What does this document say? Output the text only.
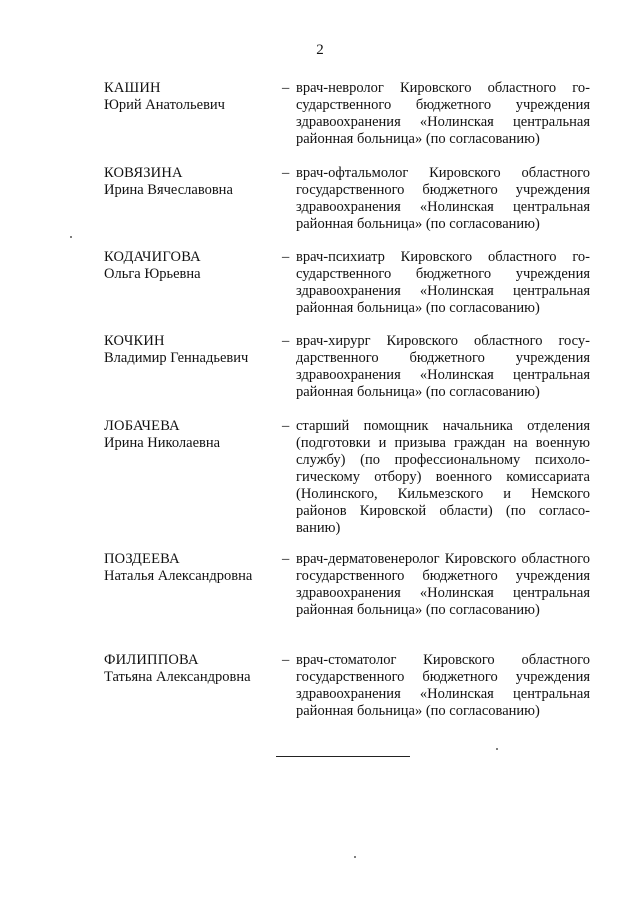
2
КАШИН
Юрий Анатольевич
– врач-невролог Кировского областного государственного бюджетного учреждения здравоохранения «Нолинская центральная районная больница» (по согласованию)
КОВЯЗИНА
Ирина Вячеславовна
– врач-офтальмолог Кировского областного государственного бюджетного учреждения здравоохранения «Нолинская центральная районная больница» (по согласованию)
КОДАЧИГОВА
Ольга Юрьевна
– врач-психиатр Кировского областного государственного бюджетного учреждения здравоохранения «Нолинская центральная районная больница» (по согласованию)
КОЧКИН
Владимир Геннадьевич
– врач-хирург Кировского областного государственного бюджетного учреждения здравоохранения «Нолинская центральная районная больница» (по согласованию)
ЛОБАЧЕВА
Ирина Николаевна
– старший помощник начальника отделения (подготовки и призыва граждан на военную службу) (по профессиональному психологическому отбору) военного комиссариата (Нолинского, Кильмезского и Немского районов Кировской области) (по согласованию)
ПОЗДЕЕВА
Наталья Александровна
– врач-дерматовенеролог Кировского областного государственного бюджетного учреждения здравоохранения «Нолинская центральная районная больница» (по согласованию)
ФИЛИППОВА
Татьяна Александровна
– врач-стоматолог Кировского областного государственного бюджетного учреждения здравоохранения «Нолинская центральная районная больница» (по согласованию)
